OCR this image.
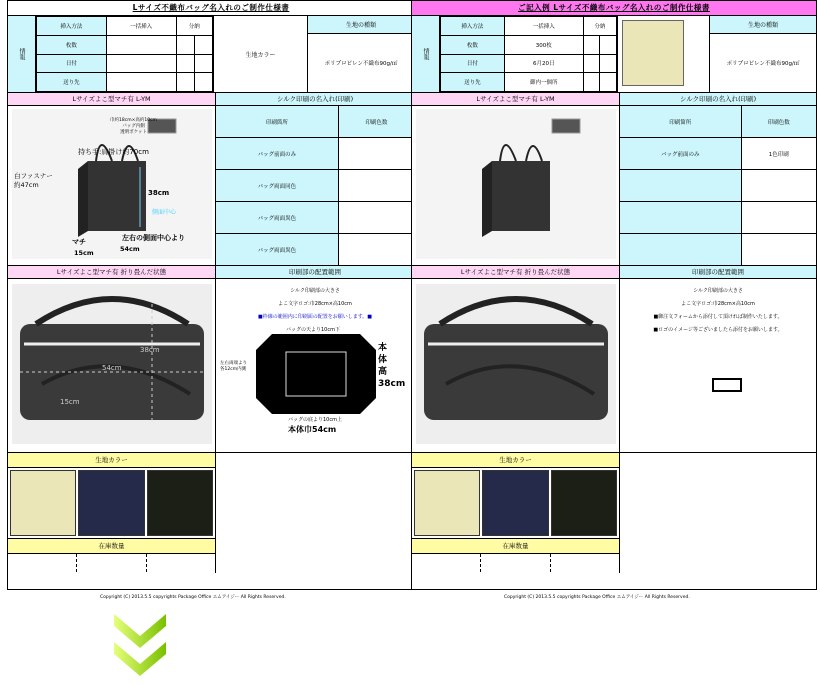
Lサイズ不織布バッグ名入れのご制作仕様書
情報
挿入方法	一括挿入	分納	
枚数			
日付			
送り先			
生地カラー
生地の種類
ポリプロピレン不織布90g/㎡
Lサイズよこ型マチ有 L-YM
巾約18cm×高約10cm
バッグ内側
透明ポケット
持ち手:肩掛け約70cm
白ファスナー
約47cm
38cm
側面中心
左右の側面中心より
マチ
15cm	54cm
シルク印刷の名入れ(印刷)
印刷箇所	印刷色数
バッグ前面のみ
バッグ両面同色
バッグ両面異色
バッグ両面異色
Lサイズよこ型マチ有 折り畳んだ状態
38cm
54cm
15cm
印刷部の配置範囲
シルク印刷部の大きさ
よこ文字ロゴ:巾28cm×高10cm
■枠線の範囲内に印刷面の配置をお願いします。■
バッグの天より10cm下
左右両端より
各12cm内側
本
体
高
38cm
バッグの底より10cm上
本体巾54cm
生地カラー
在庫数量
ご記入例 Lサイズ不織布バッグ名入れのご制作仕様書
情報
挿入方法	一括挿入	分納	
枚数	300枚		
日付	6月20日		
送り先	御内一個所		
生地の種類
ポリプロピレン不織布90g/㎡
Lサイズよこ型マチ有 L-YM	シルク印刷の名入れ(印刷)
印刷箇所	印刷色数
バッグ前面のみ	1色印刷
Lサイズよこ型マチ有 折り畳んだ状態	印刷部の配置範囲
シルク印刷部の大きさ
よこ文字ロゴ:巾28cm×高10cm
■御注文フォームから添付して頂ければ制作いたします。
■ロゴのイメージ等ございましたら添付をお願いします。
生地カラー
在庫数量
Copyright (C) 2013.5.5 copyrights Package Office エムアイジー All Rights Reserved.	Copyright (C) 2013.5.5 copyrights Package Office エムアイジー All Rights Reserved.
